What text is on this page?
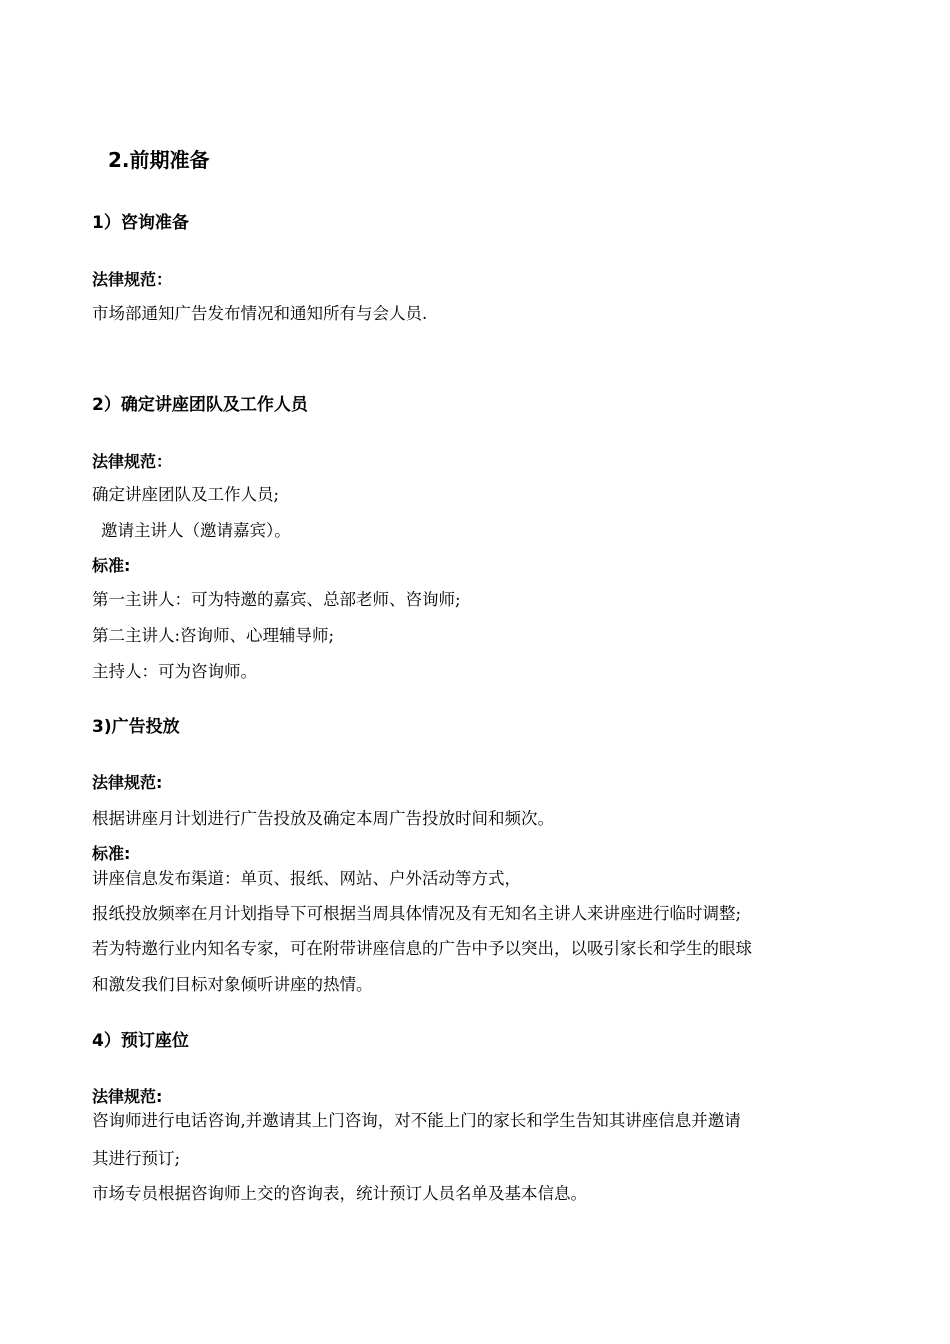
2.前期准备
1）咨询准备
法律规范：
市场部通知广告发布情况和通知所有与会人员.
2）确定讲座团队及工作人员
法律规范：
确定讲座团队及工作人员;
邀请主讲人（邀请嘉宾）。
标准:
第一主讲人：可为特邀的嘉宾、总部老师、咨询师;
第二主讲人:咨询师、心理辅导师;
主持人：可为咨询师。
3)广告投放
法律规范:
根据讲座月计划进行广告投放及确定本周广告投放时间和频次。
标准:
讲座信息发布渠道：单页、报纸、网站、户外活动等方式，
报纸投放频率在月计划指导下可根据当周具体情况及有无知名主讲人来讲座进行临时调整;
若为特邀行业内知名专家，可在附带讲座信息的广告中予以突出，以吸引家长和学生的眼球
和激发我们目标对象倾听讲座的热情。
4）预订座位
法律规范:
咨询师进行电话咨询,并邀请其上门咨询，对不能上门的家长和学生告知其讲座信息并邀请
其进行预订;
市场专员根据咨询师上交的咨询表，统计预订人员名单及基本信息。
